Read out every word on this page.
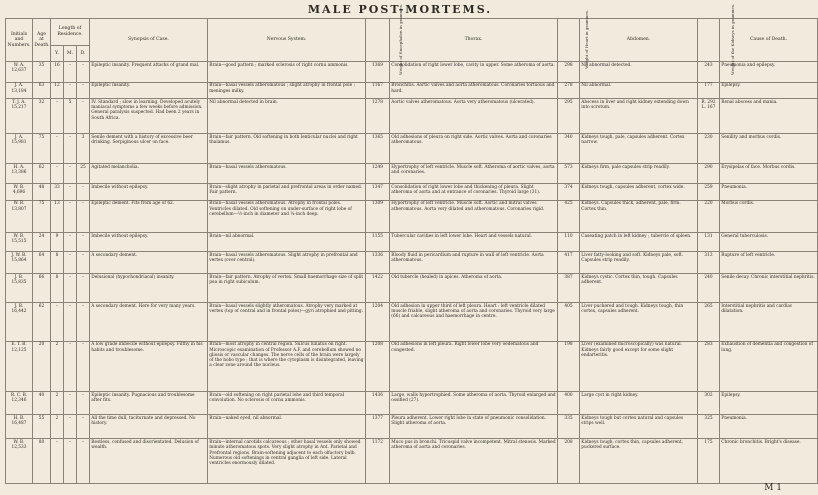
MALE POST-MORTEMS.
Initials and Numbers.	Age at Death.	Length of Residence.			Synopsis of Case.	Nervous System.	Weight of Encephalon in grammes.	Thorax.	Weight of Heart in grammes.	Abdomen.	Weight of the Kidneys in grammes.	Cause of Death.
		Y.	M.	D.								
W. A. 12,637	35	16	··	··	Epileptic insanity. Frequent attacks of grand mal.	Brain—good pattern ; marked sclerosis of right cornu ammonis.	1369	Consolidation of right lower lobe, cavity in upper. Some atheroma of aorta.	298	Nil abnormal detected.	243	Pneumonia and epilepsy.
J. A. 13,184	63	12	··	··	Epileptic insanity.	Brain—basal vessels atheromatous ; slight atrophy in frontal pole ; meninges milky.	1167	Bronchitis. Aortic valves and aorta atheromatous. Coronaries tortuous and hard.	278	Nil abnormal.	177	Epilepsy.
T. J. A. 15,217	32	··	5	··	IV. Standard ; slow in learning. Developed acutely maniacal symptoms a few weeks before admission. General paralysis suspected. Had been 2 years in South Africa.	Nil abnormal detected in brain.	1278	Aortic valves atheromatous. Aorta very atheromatous (ulcerated).	295	Abscess in liver and right kidney extending down into scrotum.	R. 292 L. 167	Renal abscess and mania.
J. A. 15,981	75	··	··	3	Senile dement with a history of excessive beer drinking. Serpiginous ulcer on face.	Brain—fair pattern. Old softening in both lenticular nuclei and right thalamus.	1365	Old adhesions of pleura on right side. Aortic valves. Aorta and coronaries atheromatous.	340	Kidneys tough, pale, capsules adherent. Cortex narrow.	230	Senility and morbus cordis.
H. A. 13,386	62	··	··	25	Agitated melancholia.	Brain—basal vessels atheromatous.	1249	Hypertrophy of left ventricle. Muscle soft. Atheroma of aortic valves, aorta and coronaries.	573	Kidneys firm, pale capsules strip readily.	290	Erysipelas of face. Morbus cordis.
W. B. 4,696	48	33	··	··	Imbecile without epilepsy.	Brain—slight atrophy in parietal and prefrontal areas in order named. Fair pattern.	1347	Consolidation of right lower lobe and thickening of pleura. Slight atheroma of aorta and at entrance of coronaries. Thyroid large (31).	374	Kidneys tough, capsules adherent, cortex wide.	259	Pneumonia.
W. B. 13,807	75	13	··	··	Epileptic dement. Fits from age of 62.	Brain—basal vessels atheromatous. Atrophy in frontal poles. Ventricles dilated. Old softening on under-surface of right lobe of cerebellum—½-inch in diameter and ¼-inch deep.	1309	Hypertrophy of left ventricle. Muscle soft. Aortic and mitral valves atheromatous. Aorta very dilated and atheromatous. Coronaries rigid.	425	Kidneys. Capsules thick, adherent, pale, firm. Cortex thin.	220	Morbus cordis.
W. B. 15,515	24	9	··	··	Imbecile without epilepsy.	Brain—nil abnormal.	1155	Tubercular cavities in left lower lobe. Heart and vessels natural.	110	Caseating patch in left kidney ; tubercle of spleen.	131	General tuberculosis.
J. W. B. 15,864	64	8	··	··	A secondary dement.	Brain—basal vessels atheromatous. Slight atrophy in prefrontal and vertex (over central).	1336	Bloody fluid in pericardium and rupture in wall of left ventricle. Aorta atheromatous.	417	Liver fatty-looking and soft. Kidneys pale, soft. Capsules strip readily.	313	Rupture of left ventricle.
J. B. 15,835	66	8	··	··	Delusional (hypochondriacal) insanity.	Brain—fair pattern. Atrophy of vertex. Small haemorrhage size of split pea in right subiculum.	1422	Old tubercle (healed) in apices. Atheroma of aorta.	387	Kidneys cystic. Cortex thin, tough. Capsules adherent.	240	Senile decay. Chronic interstitial nephritis.
J. B. 16,442	62	··	··	··	A secondary dement. Here for very many years.	Brain—basal vessels slightly atheromatous. Atrophy very marked at vertex (top of central and in frontal poles)—gyri atrophied and pitting.	1204	Old adhesion in upper third of left pleura. Heart : left ventricle dilated muscle friable, slight atheroma of aorta and coronaries. Thyroid very large (66) and calcareous and haemorrhage in centre.	405	Liver puckered and tough. Kidneys tough, thin cortex, capsules adherent.	265	Interstitial nephritis and cardiac dilatation.
E. T. B. 12,125	20	2	··	··	A low grade imbecile without epilepsy. Filthy in his habits and troublesome.	Brain—most atrophy in central region. Sulcus lunatus on right. Microscopic examination of Professor A.F. and cerebellum showed no gliosis or vascular changes. The nerve cells of the brain were largely of the hobo type ; that is where the cytoplasm is disintegrated, leaving a clear zone around the nucleus.	1208	Old adhesions in left pleura. Right lower lobe very oedematous and congested.	198	Liver (examined microscopically) was natural. Kidneys fairly good except for some slight endarteritis.	283	Exhaustion of dementia and congestion of lung.
R. C. B. 12,346	40	2	··	··	Epileptic insanity. Pugnacious and troublesome after fits.	Brain—old softening on right parietal lobe and third temporal convolution. No sclerosis of cornu ammonis.	1436	Large, walls hypertrophied. Some atheroma of aorta. Thyroid enlarged and ossified (27).	400	Large cyst in right kidney.	302	Epilepsy.
H. B. 16,487	55	2	··	··	All the time dull, taciturnate and depressed. No history.	Brain—naked eyed, nil abnormal.	1377	Pleura adherent. Lower right lobe in state of pneumonic consolidation. Slight atheroma of aorta.	335	Kidneys tough but cortex natural and capsules strips well.	325	Pneumonia.
W. B. 12,533	80	··	··	··	Restless, confused and disorientated. Delusion of wealth.	Brain—internal carotids calcareous ; other basal vessels only showed minute atheromatous spots. Very slight atrophy in Ant. Parietal and Prefrontal regions. Brain-softening adjacent to each olfactory bulb. Numerous old softenings in central ganglia of left side. Lateral ventricles enormously dilated.	1172	Muco pus in bronchi. Tricuspid valve incompetent. Mitral stenosis. Marked atheroma of aorta and coronaries.	208	Kidneys tough, cortex thin, capsules adherent, puckered surface.	175	Chronic bronchitis. Bright's disease.
M 1
